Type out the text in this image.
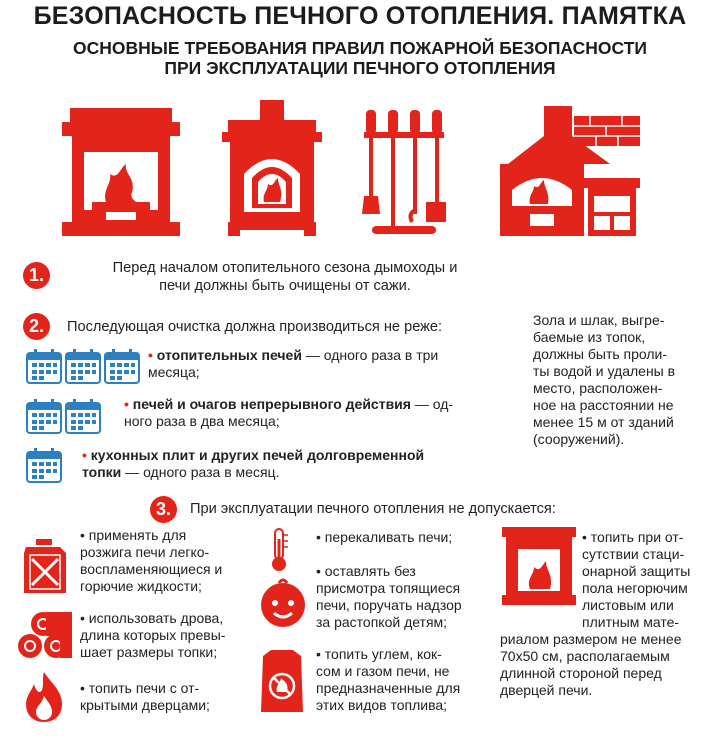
БЕЗОПАСНОСТЬ ПЕЧНОГО ОТОПЛЕНИЯ. ПАМЯТКА
ОСНОВНЫЕ ТРЕБОВАНИЯ ПРАВИЛ ПОЖАРНОЙ БЕЗОПАСНОСТИ
ПРИ ЭКСПЛУАТАЦИИ ПЕЧНОГО ОТОПЛЕНИЯ
1.	Перед началом отопительного сезона дымоходы и
печи должны быть очищены от сажи.
2.	Последующая очистка должна производиться не реже:
• отопительных печей — одного раза в три
месяца;
• печей и очагов непрерывного действия — од-
ного раза в два месяца;
• кухонных плит и других печей долговременной
топки — одного раза в месяц.
Зола и шлак, выгре-
баемые из топок,
должны быть проли-
ты водой и удалены в
место, расположен-
ное на расстоянии не
менее 15 м от зданий
(сооружений).
3.	При эксплуатации печного отопления не допускается:
• применять для
розжига печи легко-
воспламеняющиеся и
горючие жидкости;
• использовать дрова,
длина которых превы-
шает размеры топки;
• топить печи с от-
крытыми дверцами;
• перекаливать печи;
• оставлять без
присмотра топящиеся
печи, поручать надзор
за растопкой детям;
• топить углем, кок-
сом и газом печи, не
предназначенные для
этих видов топлива;
• топить при от-
сутствии стаци-
онарной защиты
пола негорючим
листовым или
плитным мате-
риалом размером не менее
70х50 см, располагаемым
длинной стороной перед
дверцей печи.
